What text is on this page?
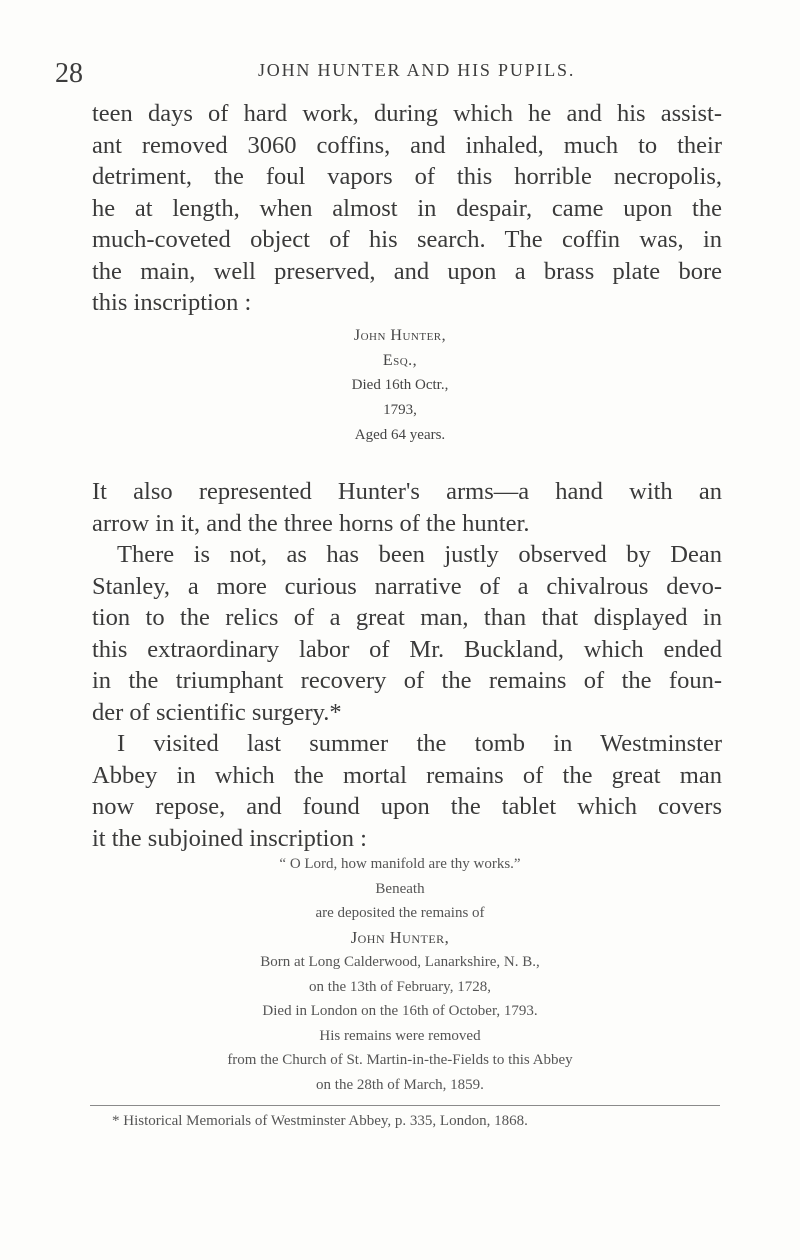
28	JOHN HUNTER AND HIS PUPILS.
teen days of hard work, during which he and his assist-
ant removed 3060 coffins, and inhaled, much to their
detriment, the foul vapors of this horrible necropolis,
he at length, when almost in despair, came upon the
much-coveted object of his search. The coffin was, in
the main, well preserved, and upon a brass plate bore
this inscription :
John Hunter,
Esq.,
Died 16th Octr.,
1793,
Aged 64 years.
It also represented Hunter's arms—a hand with an
arrow in it, and the three horns of the hunter.
There is not, as has been justly observed by Dean
Stanley, a more curious narrative of a chivalrous devo-
tion to the relics of a great man, than that displayed in
this extraordinary labor of Mr. Buckland, which ended
in the triumphant recovery of the remains of the foun-
der of scientific surgery.*
I visited last summer the tomb in Westminster
Abbey in which the mortal remains of the great man
now repose, and found upon the tablet which covers
it the subjoined inscription :
“ O Lord, how manifold are thy works.”
Beneath
are deposited the remains of
John Hunter,
Born at Long Calderwood, Lanarkshire, N. B.,
on the 13th of February, 1728,
Died in London on the 16th of October, 1793.
His remains were removed
from the Church of St. Martin-in-the-Fields to this Abbey
on the 28th of March, 1859.
* Historical Memorials of Westminster Abbey, p. 335, London, 1868.
